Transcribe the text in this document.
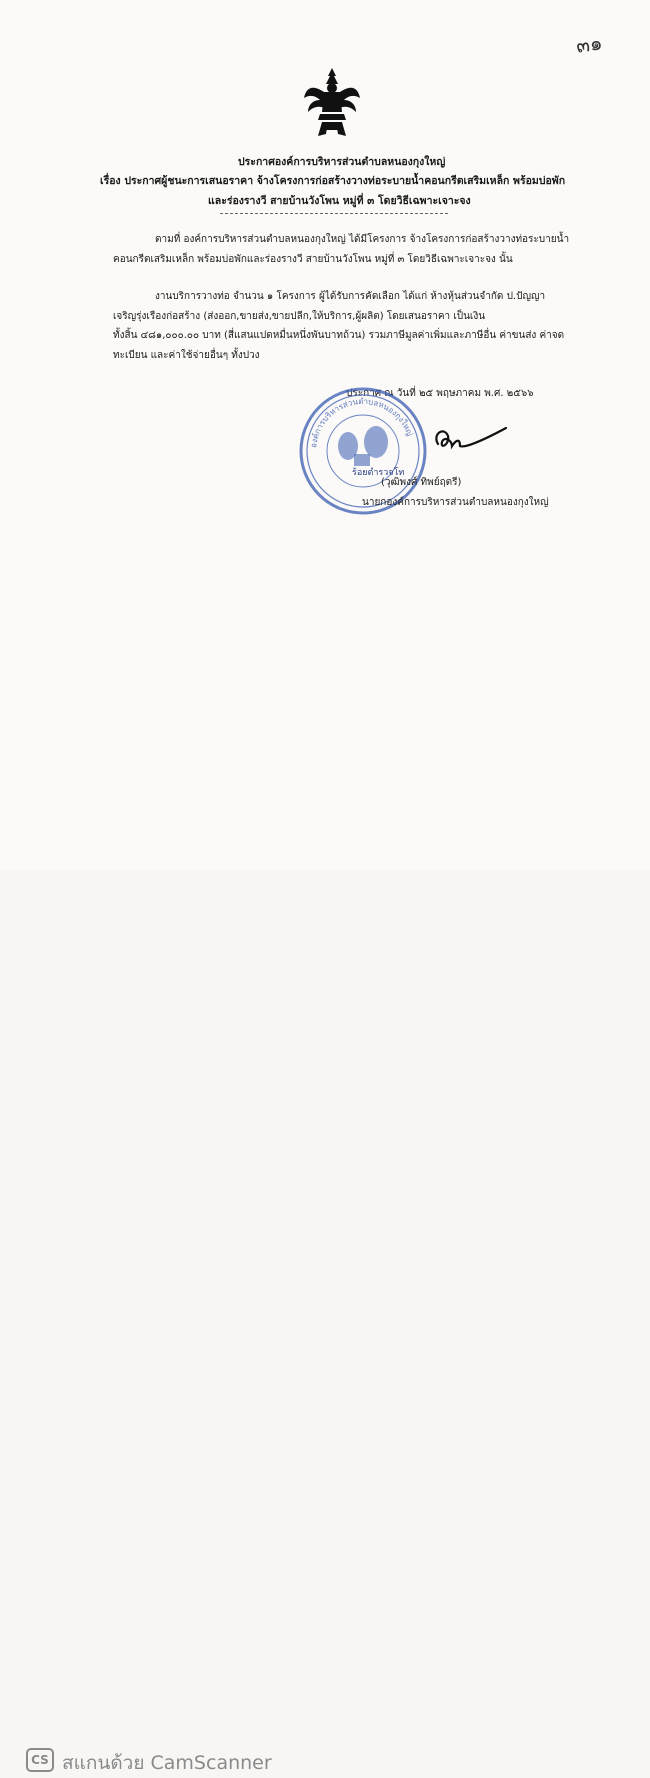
๓๑
ประกาศองค์การบริหารส่วนตำบลหนองกุงใหญ่
เรื่อง ประกาศผู้ชนะการเสนอราคา จ้างโครงการก่อสร้างวางท่อระบายน้ำคอนกรีตเสริมเหล็ก พร้อมบ่อพัก
และร่องรางวี สายบ้านวังโพน หมู่ที่ ๓ โดยวิธีเฉพาะเจาะจง
ตามที่ องค์การบริหารส่วนตำบลหนองกุงใหญ่ ได้มีโครงการ จ้างโครงการก่อสร้างวางท่อระบายน้ำ
คอนกรีตเสริมเหล็ก พร้อมบ่อพักและร่องรางวี สายบ้านวังโพน หมู่ที่ ๓ โดยวิธีเฉพาะเจาะจง นั้น
งานบริการวางท่อ จำนวน ๑ โครงการ ผู้ได้รับการคัดเลือก ได้แก่ ห้างหุ้นส่วนจำกัด ป.ปัญญา
เจริญรุ่งเรืองก่อสร้าง (ส่งออก,ขายส่ง,ขายปลีก,ให้บริการ,ผู้ผลิต) โดยเสนอราคา เป็นเงิน
ทั้งสิ้น ๔๘๑,๐๐๐.๐๐ บาท (สี่แสนแปดหมื่นหนึ่งพันบาทถ้วน) รวมภาษีมูลค่าเพิ่มและภาษีอื่น ค่าขนส่ง ค่าจด
ทะเบียน และค่าใช้จ่ายอื่นๆ ทั้งปวง
ประกาศ ณ วันที่ ๒๕ พฤษภาคม พ.ศ. ๒๕๖๖
องค์การบริหารส่วนตำบลหนองกุงใหญ่
ร้อยตำรวจโท
(วุฒิพงศ์ ทิพย์ฤตรี)
นายกองค์การบริหารส่วนตำบลหนองกุงใหญ่
CS สแกนด้วย CamScanner
